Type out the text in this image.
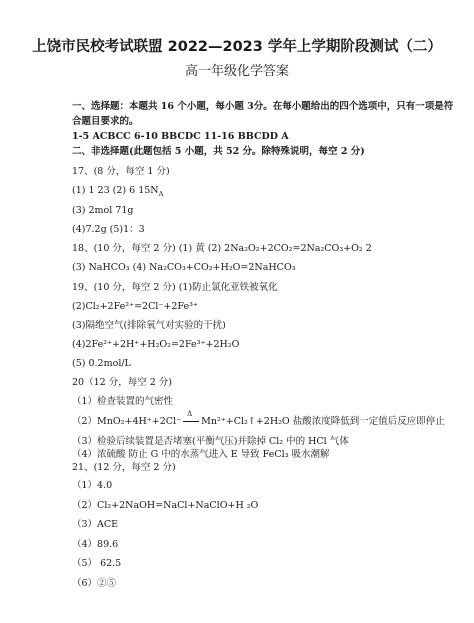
上饶市民校考试联盟 2022—2023 学年上学期阶段测试（二）
高一年级化学答案
一、选择题：本题共 16 个小题，每小题 3分。在每小题给出的四个选项中，只有一项是符
合题目要求的。
1-5 ACBCC 6-10 BBCDC 11-16 BBCDD A
二、非选择题(此题包括 5 小题，共 52 分。除特殊说明，每空 2 分)
17、(8 分，每空 1 分)
(1) 1 23 (2) 6 $15N_A$
(3) 2mol 71g
(4)7.2g (5)1：3
18、(10 分，每空 2 分) (1) 黄 (2) 2Na₂O₂+2CO₂=2Na₂CO₃+O₂ 2
(3) NaHCO₃ (4) Na₂CO₃+CO₂+H₂O=2NaHCO₃
19、(10 分，每空 2 分) (1)防止氯化亚铁被氧化
(2)Cl₂+2Fe²⁺=2Cl⁻+2Fe³⁺
(3)隔绝空气(排除氧气对实验的干扰)
(4)2Fe²⁺+2H⁺+H₂O₂=2Fe³⁺+2H₂O
(5) 0.2mol/L
20（12 分，每空 2 分)
（1）检查装置的气密性
（2）MnO₂+4H⁺+2Cl⁻
Δ
Mn²⁺+Cl₂↑+2H₂O 盐酸浓度降低到一定值后反应即停止
（3）检验后续装置是否堵塞(平衡气压)并除掉 Cl₂ 中的 HCl 气体
（4）浓硫酸 防止 G 中的水蒸气进入 E 导致 FeCl₃ 吸水潮解
21、(12 分，每空 2 分)
（1）4.0
（2）Cl₂+2NaOH=NaCl+NaClO+H ₂O
（3）ACE
（4）89.6
（5） 62.5
（6）②⑤
